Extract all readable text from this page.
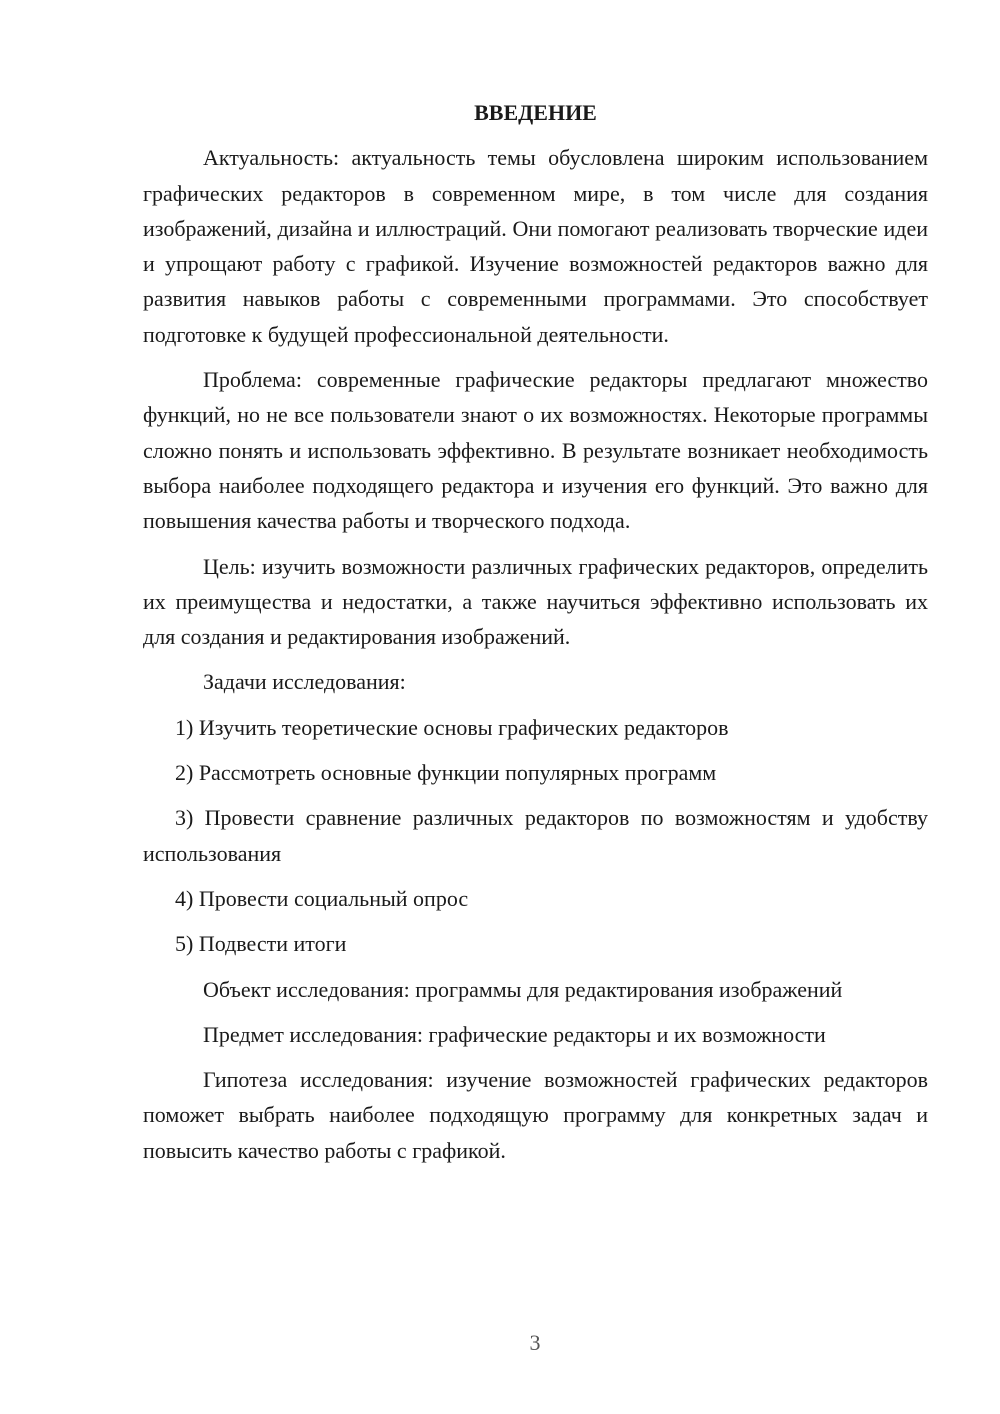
ВВЕДЕНИЕ

Актуальность: актуальность темы обусловлена широким использованием графических редакторов в современном мире, в том числе для создания изображений, дизайна и иллюстраций. Они помогают реализовать творческие идеи и упрощают работу с графикой. Изучение возможностей редакторов важно для развития навыков работы с современными программами. Это способствует подготовке к будущей профессиональной деятельности.

Проблема: современные графические редакторы предлагают множество функций, но не все пользователи знают о их возможностях. Некоторые программы сложно понять и использовать эффективно. В результате возникает необходимость выбора наиболее подходящего редактора и изучения его функций. Это важно для повышения качества работы и творческого подхода.

Цель: изучить возможности различных графических редакторов, определить их преимущества и недостатки, а также научиться эффективно использовать их для создания и редактирования изображений.

Задачи исследования:

1) Изучить теоретические основы графических редакторов

2) Рассмотреть основные функции популярных программ

3) Провести сравнение различных редакторов по возможностям и удобству использования

4) Провести социальный опрос

5) Подвести итоги

Объект исследования: программы для редактирования изображений

Предмет исследования: графические редакторы и их возможности

Гипотеза исследования: изучение возможностей графических редакторов поможет выбрать наиболее подходящую программу для конкретных задач и повысить качество работы с графикой.

3
